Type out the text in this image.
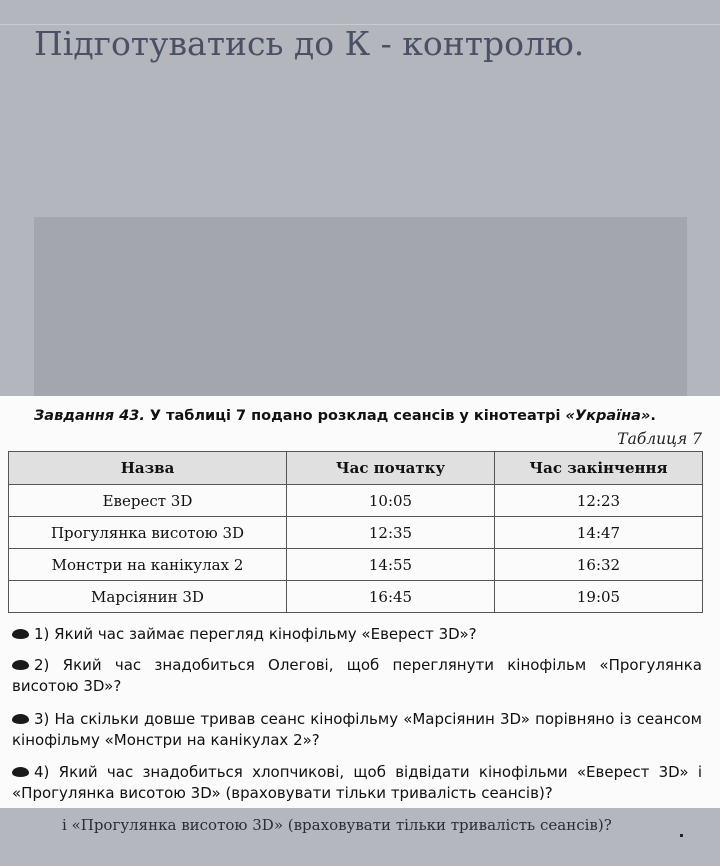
Підготуватись до К - контролю.
Завдання 43. У таблиці 7 подано розклад сеансів у кінотеатрі «Україна».
Таблиця 7
Назва	Час початку	Час закінчення
Еверест 3D	10:05	12:23
Прогулянка висотою 3D	12:35	14:47
Монстри на канікулах 2	14:55	16:32
Марсіянин 3D	16:45	19:05
1) Який час займає перегляд кінофільму «Еверест 3D»?
2) Який час знадобиться Олегові, щоб переглянути кінофільм «Прогулянка висотою 3D»?
3) На скільки довше тривав сеанс кінофільму «Марсіянин 3D» порівняно із сеансом кінофільму «Монстри на канікулах 2»?
4) Який час знадобиться хлопчикові, щоб відвідати кінофільми «Еверест 3D» і «Прогулянка висотою 3D» (враховувати тільки тривалість сеансів)?
і «Прогулянка висотою 3D» (враховувати тільки тривалість сеансів)?
